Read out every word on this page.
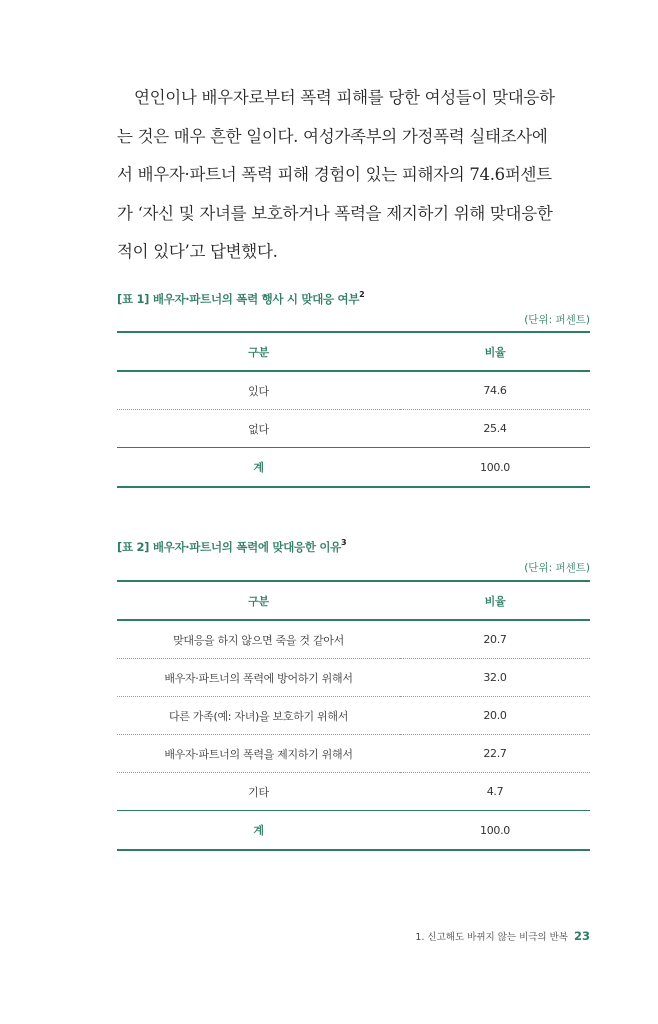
연인이나 배우자로부터 폭력 피해를 당한 여성들이 맞대응하
는 것은 매우 흔한 일이다. 여성가족부의 가정폭력 실태조사에
서 배우자·파트너 폭력 피해 경험이 있는 피해자의 74.6퍼센트
가 ‘자신 및 자녀를 보호하거나 폭력을 제지하기 위해 맞대응한
적이 있다’고 답변했다.

[표 1] 배우자·파트너의 폭력 행사 시 맞대응 여부$^2$
(단위: 퍼센트)
구분	비율
있다	74.6
없다	25.4
계	100.0
[표 2] 배우자·파트너의 폭력에 맞대응한 이유$^3$
(단위: 퍼센트)
구분	비율
맞대응을 하지 않으면 죽을 것 같아서	20.7
배우자·파트너의 폭력에 방어하기 위해서	32.0
다른 가족(예: 자녀)을 보호하기 위해서	20.0
배우자·파트너의 폭력을 제지하기 위해서	22.7
기타	4.7
계	100.0
1. 신고해도 바뀌지 않는 비극의 반복 23
